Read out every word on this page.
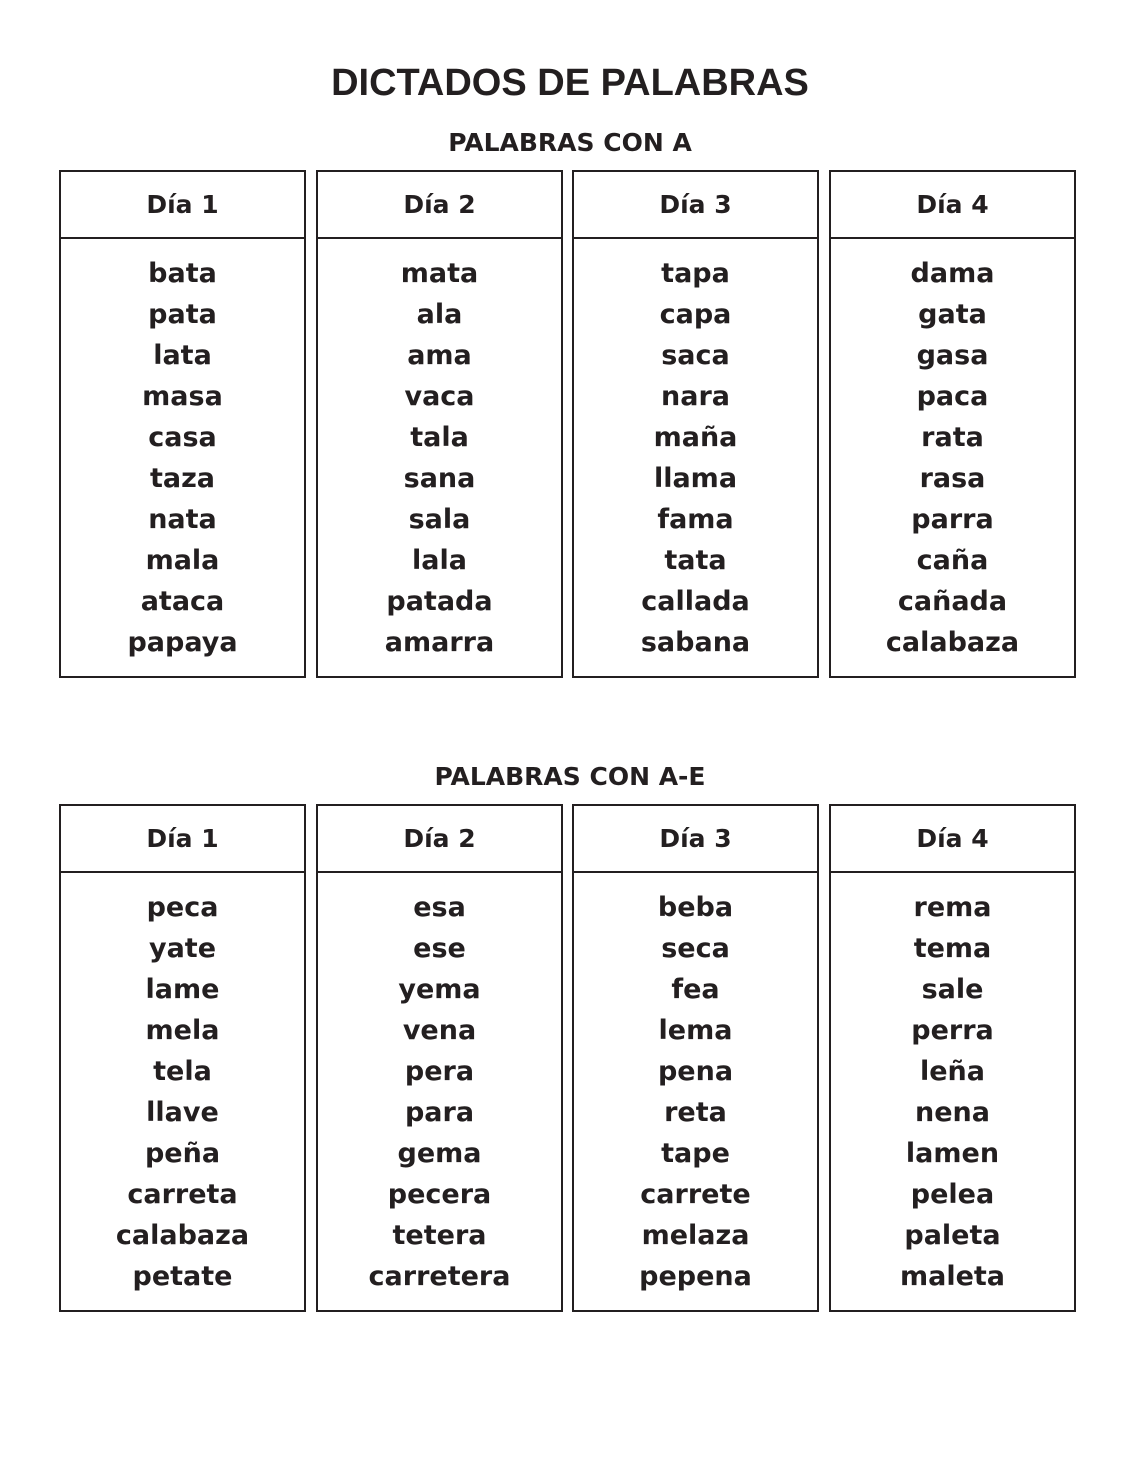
DICTADOS DE PALABRAS
PALABRAS CON A
Día 1
bata
pata
lata
masa
casa
taza
nata
mala
ataca
papaya
Día 2
mata
ala
ama
vaca
tala
sana
sala
lala
patada
amarra
Día 3
tapa
capa
saca
nara
maña
llama
fama
tata
callada
sabana
Día 4
dama
gata
gasa
paca
rata
rasa
parra
caña
cañada
calabaza
PALABRAS CON A-E
Día 1
peca
yate
lame
mela
tela
llave
peña
carreta
calabaza
petate
Día 2
esa
ese
yema
vena
pera
para
gema
pecera
tetera
carretera
Día 3
beba
seca
fea
lema
pena
reta
tape
carrete
melaza
pepena
Día 4
rema
tema
sale
perra
leña
nena
lamen
pelea
paleta
maleta
